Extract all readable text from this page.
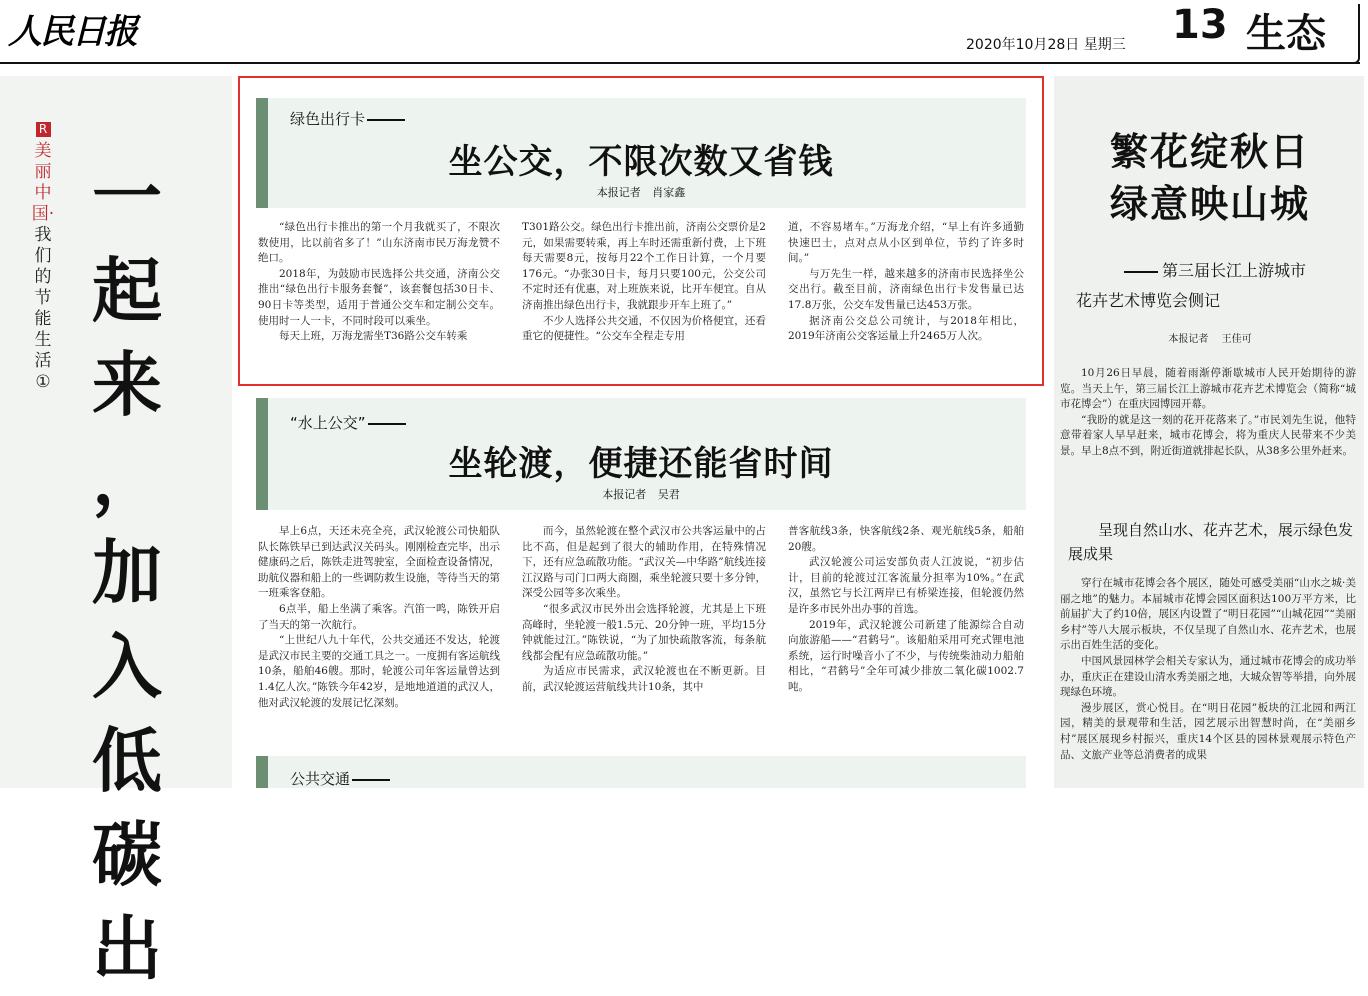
人民日报	2020年10月28日 星期三 13 生态
R
美丽中国·我们的节能生活①
一
起
来
，
加
入
低
碳
出
绿色出行卡
坐公交，不限次数又省钱
本报记者 肖家鑫

“绿色出行卡推出的第一个月我就买了，不限次数使用，比以前省多了！”山东济南市民万海龙赞不绝口。

2018年，为鼓励市民选择公共交通，济南公交推出“绿色出行卡服务套餐”，该套餐包括30日卡、90日卡等类型，适用于普通公交车和定制公交车。使用时一人一卡，不同时段可以乘坐。

每天上班，万海龙需坐T36路公交车转乘

T301路公交。绿色出行卡推出前，济南公交票价是2元，如果需要转乘，再上车时还需重新付费，上下班每天需要8元，按每月22个工作日计算，一个月要176元。“办张30日卡，每月只要100元，公交公司不定时还有优惠，对上班族来说，比开车便宜。自从济南推出绿色出行卡，我就跟步开车上班了。”

不少人选择公共交通，不仅因为价格便宜，还看重它的便捷性。“公交车全程走专用

道，不容易堵车。”万海龙介绍，“早上有许多通勤快速巴士，点对点从小区到单位，节约了许多时间。”

与万先生一样，越来越多的济南市民选择坐公交出行。截至目前，济南绿色出行卡发售量已达17.8万张，公交车发售量已达453万张。

据济南公交总公司统计，与2018年相比，2019年济南公交客运量上升2465万人次。

“水上公交”
坐轮渡，便捷还能省时间
本报记者 吴君

早上6点，天还未亮全亮，武汉轮渡公司快船队队长陈铁早已到达武汉关码头。刚刚检查完毕，出示健康码之后，陈铁走进驾驶室，全面检查设备情况，助航仪器和船上的一些调防救生设施，等待当天的第一班乘客登船。

6点半，船上坐满了乘客。汽笛一鸣，陈铁开启了当天的第一次航行。

“上世纪八九十年代，公共交通还不发达，轮渡是武汉市民主要的交通工具之一。一度拥有客运航线10条，船舶46艘。那时，轮渡公司年客运量曾达到1.4亿人次。”陈铁今年42岁，是地地道道的武汉人，他对武汉轮渡的发展记忆深刻。

而今，虽然轮渡在整个武汉市公共客运量中的占比不高，但是起到了很大的辅助作用，在特殊情况下，还有应急疏散功能。“武汉关—中华路”航线连接江汉路与司门口两大商圈，乘坐轮渡只要十多分钟，深受公园等多次乘坐。

“很多武汉市民外出会选择轮渡，尤其是上下班高峰时，坐轮渡一般1.5元、20分钟一班，平均15分钟就能过江。”陈铁说，“为了加快疏散客流，每条航线都会配有应急疏散功能。”

为适应市民需求，武汉轮渡也在不断更新。目前，武汉轮渡运营航线共计10条，其中

普客航线3条，快客航线2条、观光航线5条，船舶20艘。

武汉轮渡公司运安部负责人江波说，“初步估计，目前的轮渡过江客流量分担率为10%。”在武汉，虽然它与长江两岸已有桥梁连接，但轮渡仍然是许多市民外出办事的首选。

2019年，武汉轮渡公司新建了能源综合自动向旅游船——“君鹤号”。该船舶采用可充式锂电池系统，运行时噪音小了不少，与传统柴油动力船舶相比，“君鹤号”全年可减少排放二氧化碳1002.7吨。

公共交通
繁花绽秋日
绿意映山城
第三届长江上游城市
花卉艺术博览会侧记
本报记者 王佳可

10月26日早晨，随着雨渐停渐歇城市人民开始期待的游览。当天上午，第三届长江上游城市花卉艺术博览会（简称“城市花博会”）在重庆园博园开幕。

“我盼的就是这一刻的花开花落来了。”市民刘先生说，他特意带着家人早早赶来，城市花博会，将为重庆人民带来不少美景。早上8点不到，附近街道就排起长队，从38多公里外赶来。

呈现自然山水、花卉艺术，展示绿色发展成果

穿行在城市花博会各个展区，随处可感受美丽“山水之城·美丽之地”的魅力。本届城市花博会园区面积达100万平方米，比前届扩大了约10倍，展区内设置了“明日花园”“山城花园”“美丽乡村”等八大展示板块，不仅呈现了自然山水、花卉艺术，也展示出百姓生活的变化。

中国风景园林学会相关专家认为，通过城市花博会的成功举办，重庆正在建设山清水秀美丽之地，大城众智等举措，向外展现绿色环境。

漫步展区，赏心悦目。在“明日花园”板块的江北园和两江园，精美的景观带和生活，园艺展示出智慧时尚，在“美丽乡村”展区展现乡村振兴，重庆14个区县的园林景观展示特色产品、文旅产业等总消费者的成果
